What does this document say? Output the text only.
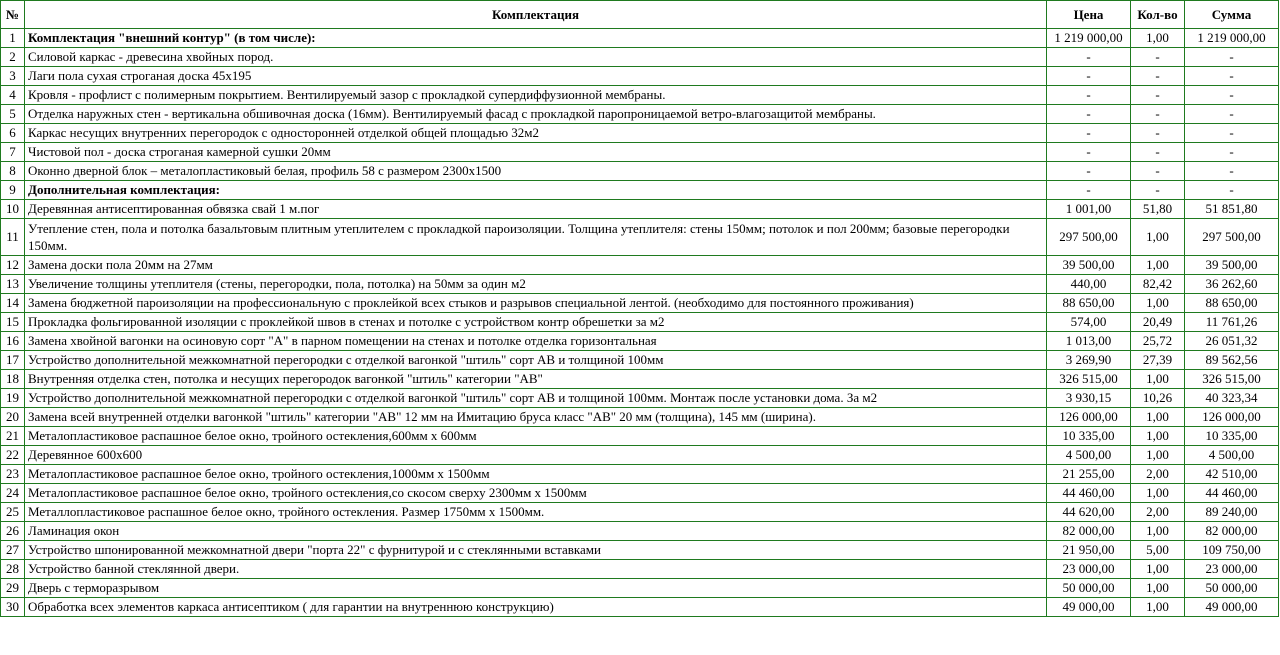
№	Комплектация	Цена	Кол-во	Сумма
1	Комплектация "внешний контур" (в том числе):	1 219 000,00	1,00	1 219 000,00
2	Силовой каркас - древесина хвойных пород.	-	-	-
3	Лаги пола сухая строганая доска 45х195	-	-	-
4	Кровля - профлист с полимерным покрытием. Вентилируемый зазор с прокладкой супердиффузионной мембраны.	-	-	-
5	Отделка наружных стен - вертикальна обшивочная доска (16мм). Вентилируемый фасад с прокладкой паропроницаемой ветро-влагозащитой мембраны.	-	-	-
6	Каркас несущих внутренних перегородок с односторонней отделкой общей площадью 32м2	-	-	-
7	Чистовой пол - доска строганая камерной сушки 20мм	-	-	-
8	Оконно дверной блок – металопластиковый белая, профиль 58 с размером 2300х1500	-	-	-
9	Дополнительная комплектация:	-	-	-
10	Деревянная антисептированная обвязка свай 1 м.пог	1 001,00	51,80	51 851,80
11	Утепление стен, пола и потолка базальтовым плитным утеплителем с прокладкой пароизоляции. Толщина утеплителя: стены 150мм; потолок и пол 200мм; базовые перегородки 150мм.	297 500,00	1,00	297 500,00
12	Замена доски пола 20мм на 27мм	39 500,00	1,00	39 500,00
13	Увеличение толщины утеплителя (стены, перегородки, пола, потолка) на 50мм за один м2	440,00	82,42	36 262,60
14	Замена бюджетной пароизоляции на профессиональную с проклейкой всех стыков и разрывов специальной лентой. (необходимо для постоянного проживания)	88 650,00	1,00	88 650,00
15	Прокладка фольгированной изоляции с проклейкой швов в стенах и потолке с устройством контр обрешетки за м2	574,00	20,49	11 761,26
16	Замена хвойной вагонки на осиновую сорт "А" в парном помещении на стенах и потолке отделка горизонтальная	1 013,00	25,72	26 051,32
17	Устройство дополнительной межкомнатной перегородки с отделкой вагонкой "штиль" сорт АВ и толщиной 100мм	3 269,90	27,39	89 562,56
18	Внутренняя отделка стен, потолка и несущих перегородок вагонкой "штиль" категории "АВ"	326 515,00	1,00	326 515,00
19	Устройство дополнительной межкомнатной перегородки с отделкой вагонкой "штиль" сорт АВ и толщиной 100мм. Монтаж после установки дома. За м2	3 930,15	10,26	40 323,34
20	Замена всей внутренней отделки вагонкой "штиль" категории "АВ" 12 мм на Имитацию бруса класс "АВ" 20 мм (толщина), 145 мм (ширина).	126 000,00	1,00	126 000,00
21	Металопластиковое распашное белое окно, тройного остекления,600мм х 600мм	10 335,00	1,00	10 335,00
22	Деревянное 600х600	4 500,00	1,00	4 500,00
23	Металопластиковое распашное белое окно, тройного остекления,1000мм х 1500мм	21 255,00	2,00	42 510,00
24	Металопластиковое распашное белое окно, тройного остекления,со скосом сверху 2300мм х 1500мм	44 460,00	1,00	44 460,00
25	Металлопластиковое распашное белое окно, тройного остекления. Размер 1750мм х 1500мм.	44 620,00	2,00	89 240,00
26	Ламинация окон	82 000,00	1,00	82 000,00
27	Устройство шпонированной межкомнатной двери "порта 22" с фурнитурой и с стеклянными вставками	21 950,00	5,00	109 750,00
28	Устройство банной стеклянной двери.	23 000,00	1,00	23 000,00
29	Дверь с терморазрывом	50 000,00	1,00	50 000,00
30	Обработка всех элементов каркаса антисептиком ( для гарантии на внутреннюю конструкцию)	49 000,00	1,00	49 000,00
